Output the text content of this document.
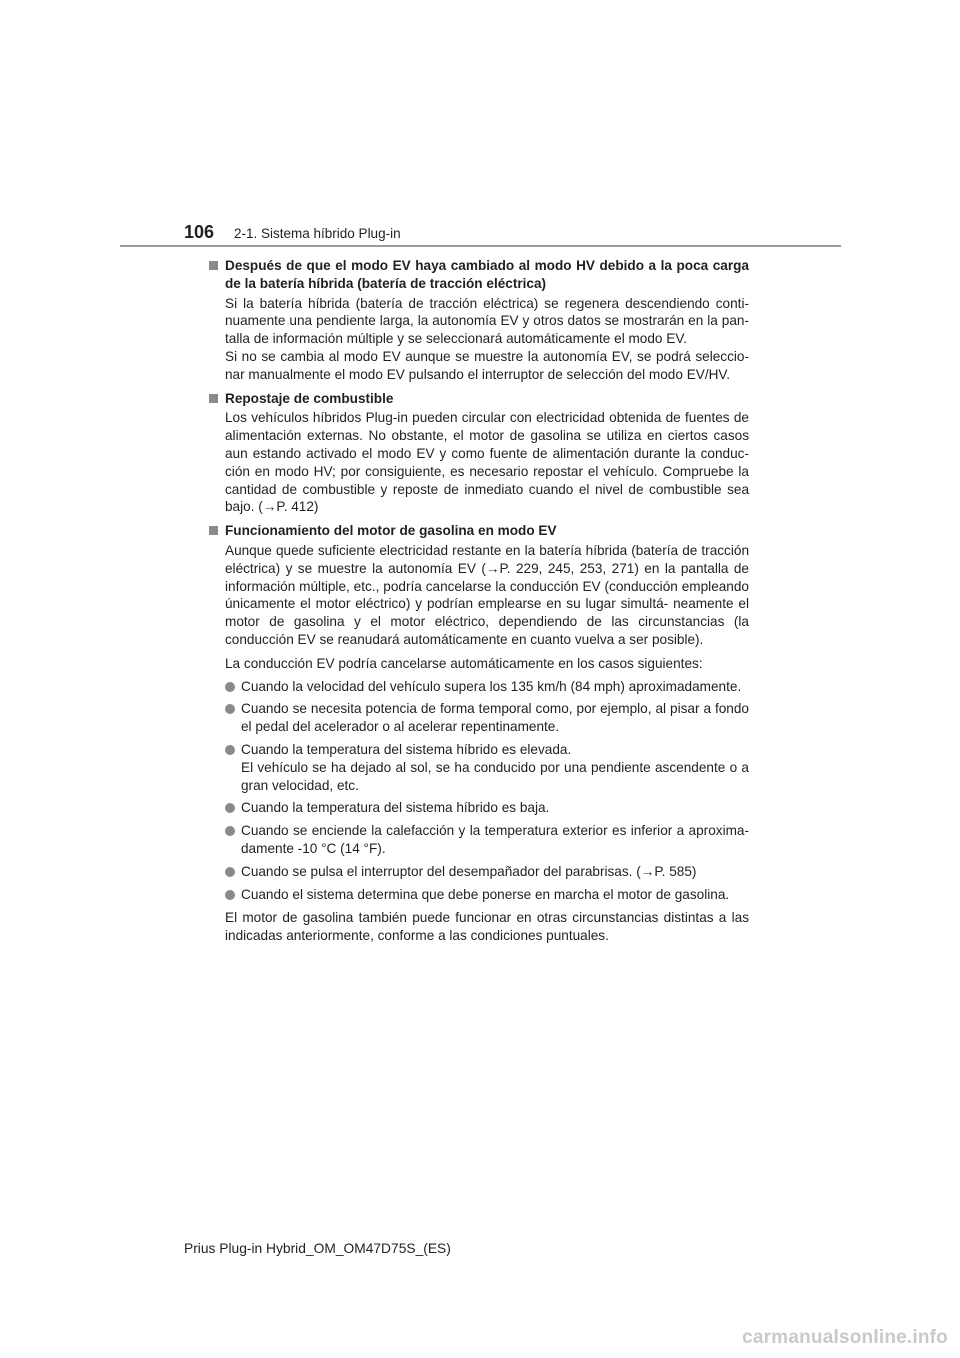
106 2-1. Sistema híbrido Plug-in
Después de que el modo EV haya cambiado al modo HV debido a la poca carga de la batería híbrida (batería de tracción eléctrica)
Si la batería híbrida (batería de tracción eléctrica) se regenera descendiendo conti- nuamente una pendiente larga, la autonomía EV y otros datos se mostrarán en la pan- talla de información múltiple y se seleccionará automáticamente el modo EV.
Si no se cambia al modo EV aunque se muestre la autonomía EV, se podrá seleccio- nar manualmente el modo EV pulsando el interruptor de selección del modo EV/HV.
Repostaje de combustible
Los vehículos híbridos Plug-in pueden circular con electricidad obtenida de fuentes de alimentación externas. No obstante, el motor de gasolina se utiliza en ciertos casos aun estando activado el modo EV y como fuente de alimentación durante la conduc- ción en modo HV; por consiguiente, es necesario repostar el vehículo. Compruebe la cantidad de combustible y reposte de inmediato cuando el nivel de combustible sea bajo. (→P. 412)
Funcionamiento del motor de gasolina en modo EV
Aunque quede suficiente electricidad restante en la batería híbrida (batería de tracción eléctrica) y se muestre la autonomía EV (→P. 229, 245, 253, 271) en la pantalla de información múltiple, etc., podría cancelarse la conducción EV (conducción empleando únicamente el motor eléctrico) y podrían emplearse en su lugar simultá- neamente el motor de gasolina y el motor eléctrico, dependiendo de las circunstancias (la conducción EV se reanudará automáticamente en cuanto vuelva a ser posible).
La conducción EV podría cancelarse automáticamente en los casos siguientes:
Cuando la velocidad del vehículo supera los 135 km/h (84 mph) aproximadamente.
Cuando se necesita potencia de forma temporal como, por ejemplo, al pisar a fondo el pedal del acelerador o al acelerar repentinamente.
Cuando la temperatura del sistema híbrido es elevada.
El vehículo se ha dejado al sol, se ha conducido por una pendiente ascendente o a gran velocidad, etc.
Cuando la temperatura del sistema híbrido es baja.
Cuando se enciende la calefacción y la temperatura exterior es inferior a aproxima- damente -10 °C (14 °F).
Cuando se pulsa el interruptor del desempañador del parabrisas. (→P. 585)
Cuando el sistema determina que debe ponerse en marcha el motor de gasolina.
El motor de gasolina también puede funcionar en otras circunstancias distintas a las indicadas anteriormente, conforme a las condiciones puntuales.
Prius Plug-in Hybrid_OM_OM47D75S_(ES)
carmanualsonline.info
